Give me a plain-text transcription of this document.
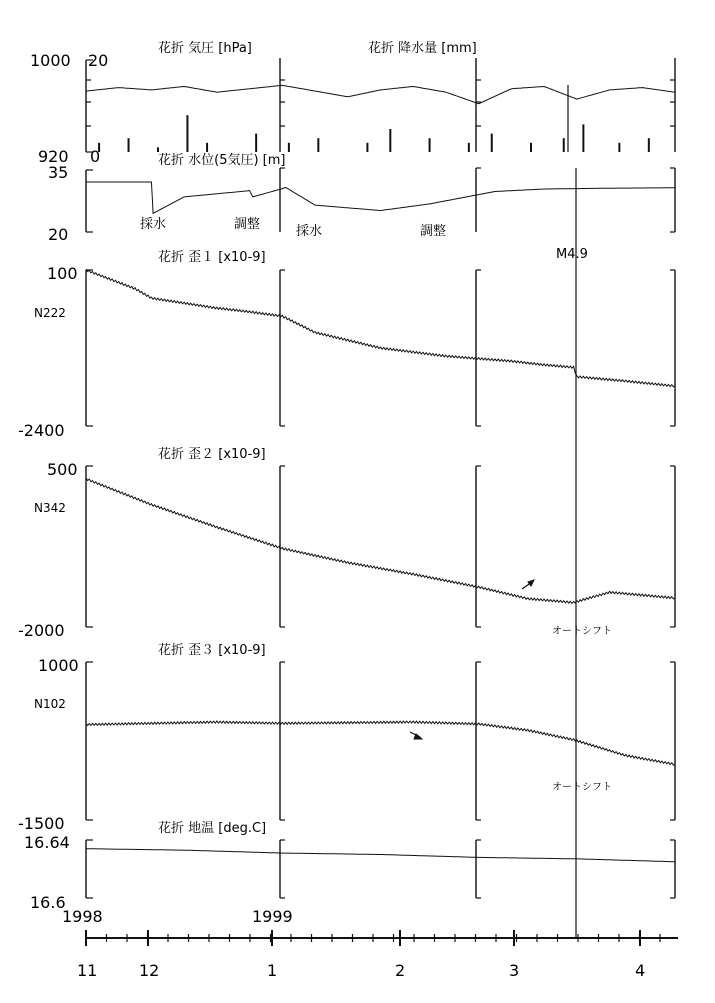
花折 気圧 [hPa]	花折 降水量 [mm]
花折 水位(5気圧) [m]
花折 歪１ [x10-9]
花折 歪２ [x10-9]
花折 歪３ [x10-9]
花折 地温 [deg.C]
1000
920
20
0
35
20
100
N222
-2400
500
N342
-2000
1000
N102
-1500
16.64
16.6
採水	調整	採水	調整
M4.9
オートシフト
オートシフト
1998	1999
11	12	1	2	3	4
